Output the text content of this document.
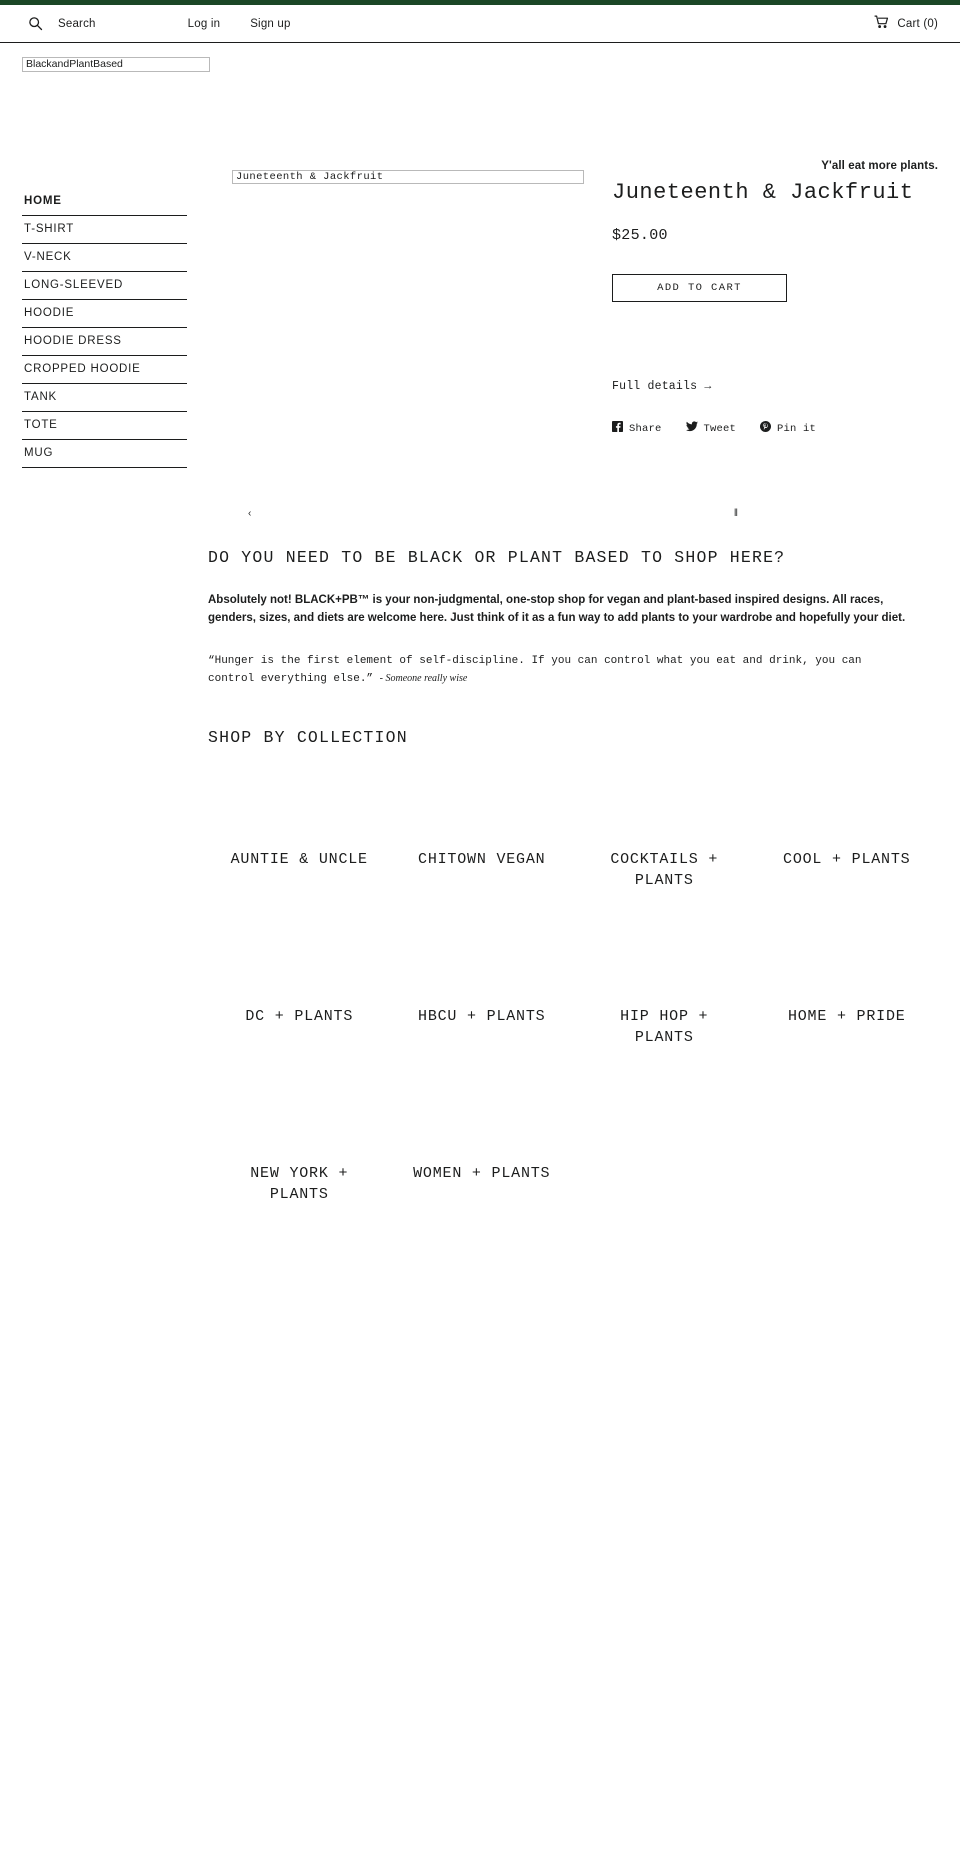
Search	Log in	Sign up	Cart (0)
BlackandPlantBased
Y'all eat more plants.
HOME
T-SHIRT
V-NECK
LONG-SLEEVED
HOODIE
HOODIE DRESS
CROPPED HOODIE
TANK
TOTE
MUG
Juneteenth & Jackfruit
Juneteenth & Jackfruit
$25.00
ADD TO CART
Full details →
Share	Tweet	Pin it
‹	‖
DO YOU NEED TO BE BLACK OR PLANT BASED TO SHOP HERE?

Absolutely not! BLACK+PB™ is your non-judgmental, one-stop shop for vegan and plant-based inspired designs. All races, genders, sizes, and diets are welcome here. Just think of it as a fun way to add plants to your wardrobe and hopefully your diet.

“Hunger is the first element of self-discipline. If you can control what you eat and drink, you can control everything else.” - Someone really wise

SHOP BY COLLECTION
AUNTIE & UNCLE	CHITOWN VEGAN	COCKTAILS + PLANTS
COOL + PLANTS
DC + PLANTS	HBCU + PLANTS	HIP HOP + PLANTS
HOME + PRIDE
NEW YORK + PLANTS
WOMEN + PLANTS
